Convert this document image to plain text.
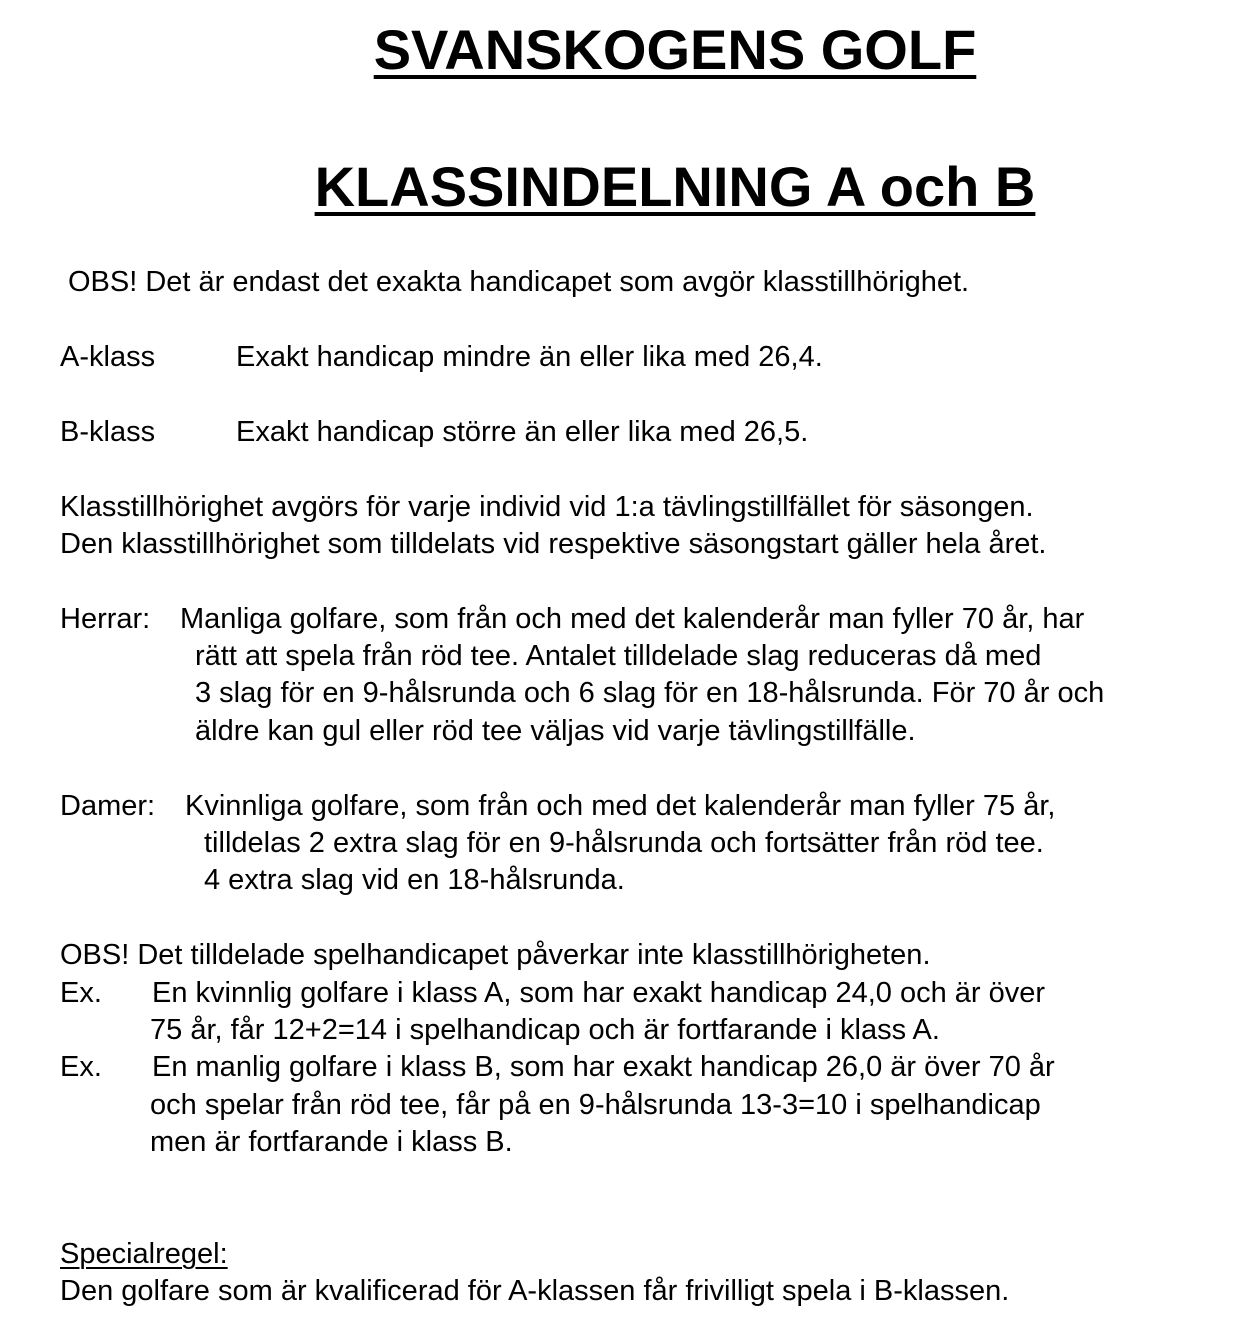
SVANSKOGENS GOLF
KLASSINDELNING A och B
OBS! Det är endast det exakta handicapet som avgör klasstillhörighet.
A-klass	Exakt handicap mindre än eller lika med 26,4.
B-klass	Exakt handicap större än eller lika med 26,5.
Klasstillhörighet avgörs för varje individ vid 1:a tävlingstillfället för säsongen.
Den klasstillhörighet som tilldelats vid respektive säsongstart gäller hela året.
Herrar: Manliga golfare, som från och med det kalenderår man fyller 70 år, har
rätt att spela från röd tee. Antalet tilldelade slag reduceras då med
3 slag för en 9-hålsrunda och 6 slag för en 18-hålsrunda. För 70 år och
äldre kan gul eller röd tee väljas vid varje tävlingstillfälle.
Damer: Kvinnliga golfare, som från och med det kalenderår man fyller 75 år,
tilldelas 2 extra slag för en 9-hålsrunda och fortsätter från röd tee.
4 extra slag vid en 18-hålsrunda.
OBS! Det tilldelade spelhandicapet påverkar inte klasstillhörigheten.
Ex. En kvinnlig golfare i klass A, som har exakt handicap 24,0 och är över
75 år, får 12+2=14 i spelhandicap och är fortfarande i klass A.
Ex. En manlig golfare i klass B, som har exakt handicap 26,0 är över 70 år
och spelar från röd tee, får på en 9-hålsrunda 13-3=10 i spelhandicap
men är fortfarande i klass B.
Specialregel:
Den golfare som är kvalificerad för A-klassen får frivilligt spela i B-klassen.
